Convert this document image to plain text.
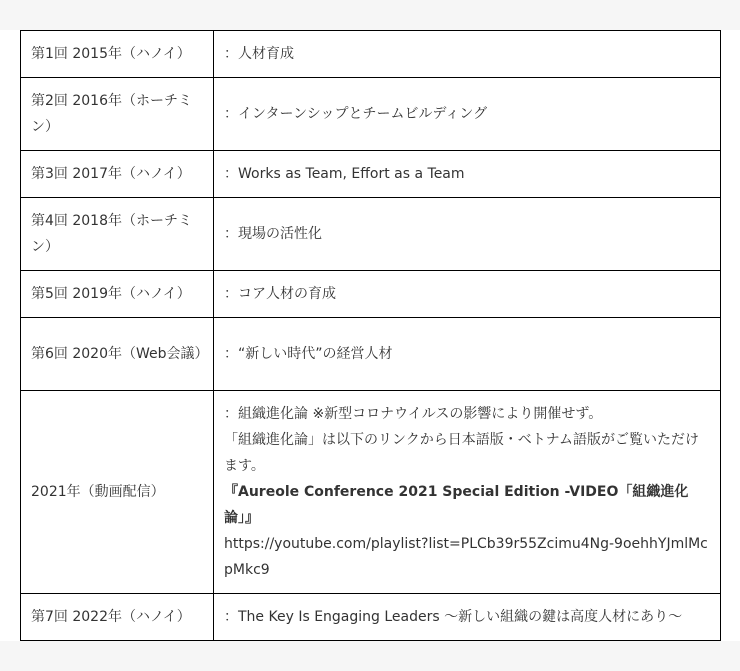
第1回 2015年（ハノイ）	：人材育成
第2回 2016年（ホーチミン）	：インターンシップとチームビルディング
第3回 2017年（ハノイ）	：Works as Team, Effort as a Team
第4回 2018年（ホーチミン）	：現場の活性化
第5回 2019年（ハノイ）	：コア人材の育成
第6回 2020年（Web会議）	：“新しい時代”の経営人材
2021年（動画配信）	：組織進化論 ※新型コロナウイルスの影響により開催せず。
「組織進化論」は以下のリンクから日本語版・ベトナム語版がご覧いただけます。
『Aureole Conference 2021 Special Edition -VIDEO「組織進化論」』
https://youtube.com/playlist?list=PLCb39r55Zcimu4Ng-9oehhYJmlMcpMkc9

第7回 2022年（ハノイ）	：The Key Is Engaging Leaders 〜新しい組織の鍵は高度人材にあり〜
